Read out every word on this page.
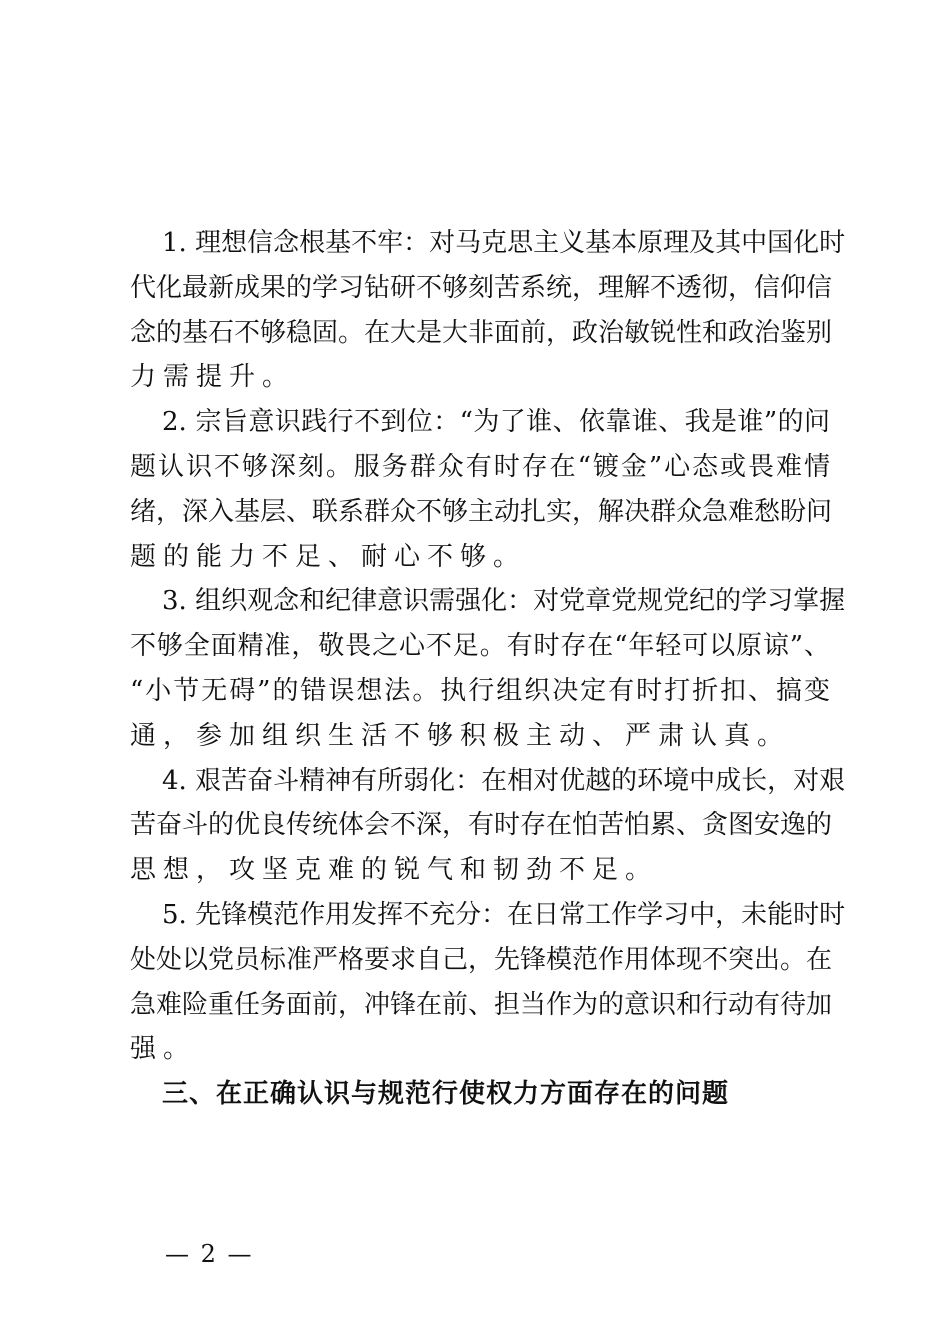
1. 理想信念根基不牢：对马克思主义基本原理及其中国化时
代化最新成果的学习钻研不够刻苦系统，理解不透彻，信仰信
念的基石不够稳固。在大是大非面前，政治敏锐性和政治鉴别
力需提升。
2. 宗旨意识践行不到位：“为了谁、依靠谁、我是谁”的问
题认识不够深刻。服务群众有时存在“镀金”心态或畏难情
绪，深入基层、联系群众不够主动扎实，解决群众急难愁盼问
题的能力不足、耐心不够。
3. 组织观念和纪律意识需强化：对党章党规党纪的学习掌握
不够全面精准，敬畏之心不足。有时存在“年轻可以原谅”、
“小节无碍”的错误想法。执行组织决定有时打折扣、搞变
通，参加组织生活不够积极主动、严肃认真。
4. 艰苦奋斗精神有所弱化：在相对优越的环境中成长，对艰
苦奋斗的优良传统体会不深，有时存在怕苦怕累、贪图安逸的
思想，攻坚克难的锐气和韧劲不足。
5. 先锋模范作用发挥不充分：在日常工作学习中，未能时时
处处以党员标准严格要求自己，先锋模范作用体现不突出。在
急难险重任务面前，冲锋在前、担当作为的意识和行动有待加
强。
三、在正确认识与规范行使权力方面存在的问题
— 2 —
